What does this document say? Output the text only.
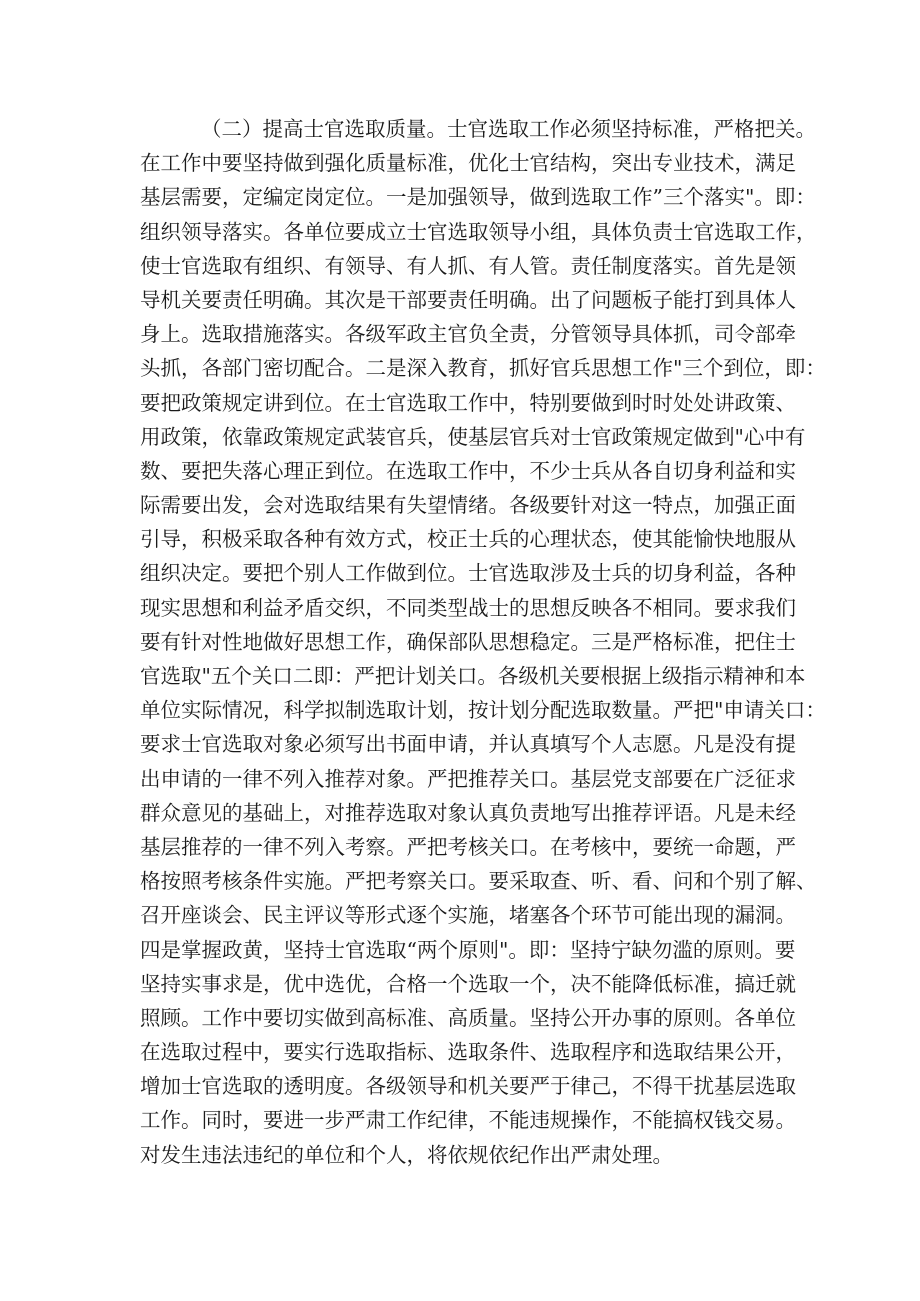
（二）提高士官选取质量。士官选取工作必须坚持标准，严格把关。
在工作中要坚持做到强化质量标准，优化士官结构，突出专业技术，满足
基层需要，定编定岗定位。一是加强领导，做到选取工作”三个落实"。即：
组织领导落实。各单位要成立士官选取领导小组，具体负责士官选取工作，
使士官选取有组织、有领导、有人抓、有人管。责任制度落实。首先是领
导机关要责任明确。其次是干部要责任明确。出了问题板子能打到具体人
身上。选取措施落实。各级军政主官负全责，分管领导具体抓，司令部牵
头抓，各部门密切配合。二是深入教育，抓好官兵思想工作"三个到位，即：
要把政策规定讲到位。在士官选取工作中，特别要做到时时处处讲政策、
用政策，依靠政策规定武装官兵，使基层官兵对士官政策规定做到"心中有
数、要把失落心理正到位。在选取工作中，不少士兵从各自切身利益和实
际需要出发，会对选取结果有失望情绪。各级要针对这一特点，加强正面
引导，积极采取各种有效方式，校正士兵的心理状态，使其能愉快地服从
组织决定。要把个别人工作做到位。士官选取涉及士兵的切身利益，各种
现实思想和利益矛盾交织，不同类型战士的思想反映各不相同。要求我们
要有针对性地做好思想工作，确保部队思想稳定。三是严格标准，把住士
官选取"五个关口二即：严把计划关口。各级机关要根据上级指示精神和本
单位实际情况，科学拟制选取计划，按计划分配选取数量。严把"申请关口：
要求士官选取对象必须写出书面申请，并认真填写个人志愿。凡是没有提
出申请的一律不列入推荐对象。严把推荐关口。基层党支部要在广泛征求
群众意见的基础上，对推荐选取对象认真负责地写出推荐评语。凡是未经
基层推荐的一律不列入考察。严把考核关口。在考核中，要统一命题，严
格按照考核条件实施。严把考察关口。要采取查、听、看、问和个别了解、
召开座谈会、民主评议等形式逐个实施，堵塞各个环节可能出现的漏洞。
四是掌握政黄，坚持士官选取“两个原则"。即：坚持宁缺勿滥的原则。要
坚持实事求是，优中选优，合格一个选取一个，决不能降低标准，搞迁就
照顾。工作中要切实做到高标准、高质量。坚持公开办事的原则。各单位
在选取过程中，要实行选取指标、选取条件、选取程序和选取结果公开，
增加士官选取的透明度。各级领导和机关要严于律己，不得干扰基层选取
工作。同时，要进一步严肃工作纪律，不能违规操作，不能搞权钱交易。
对发生违法违纪的单位和个人，将依规依纪作出严肃处理。
